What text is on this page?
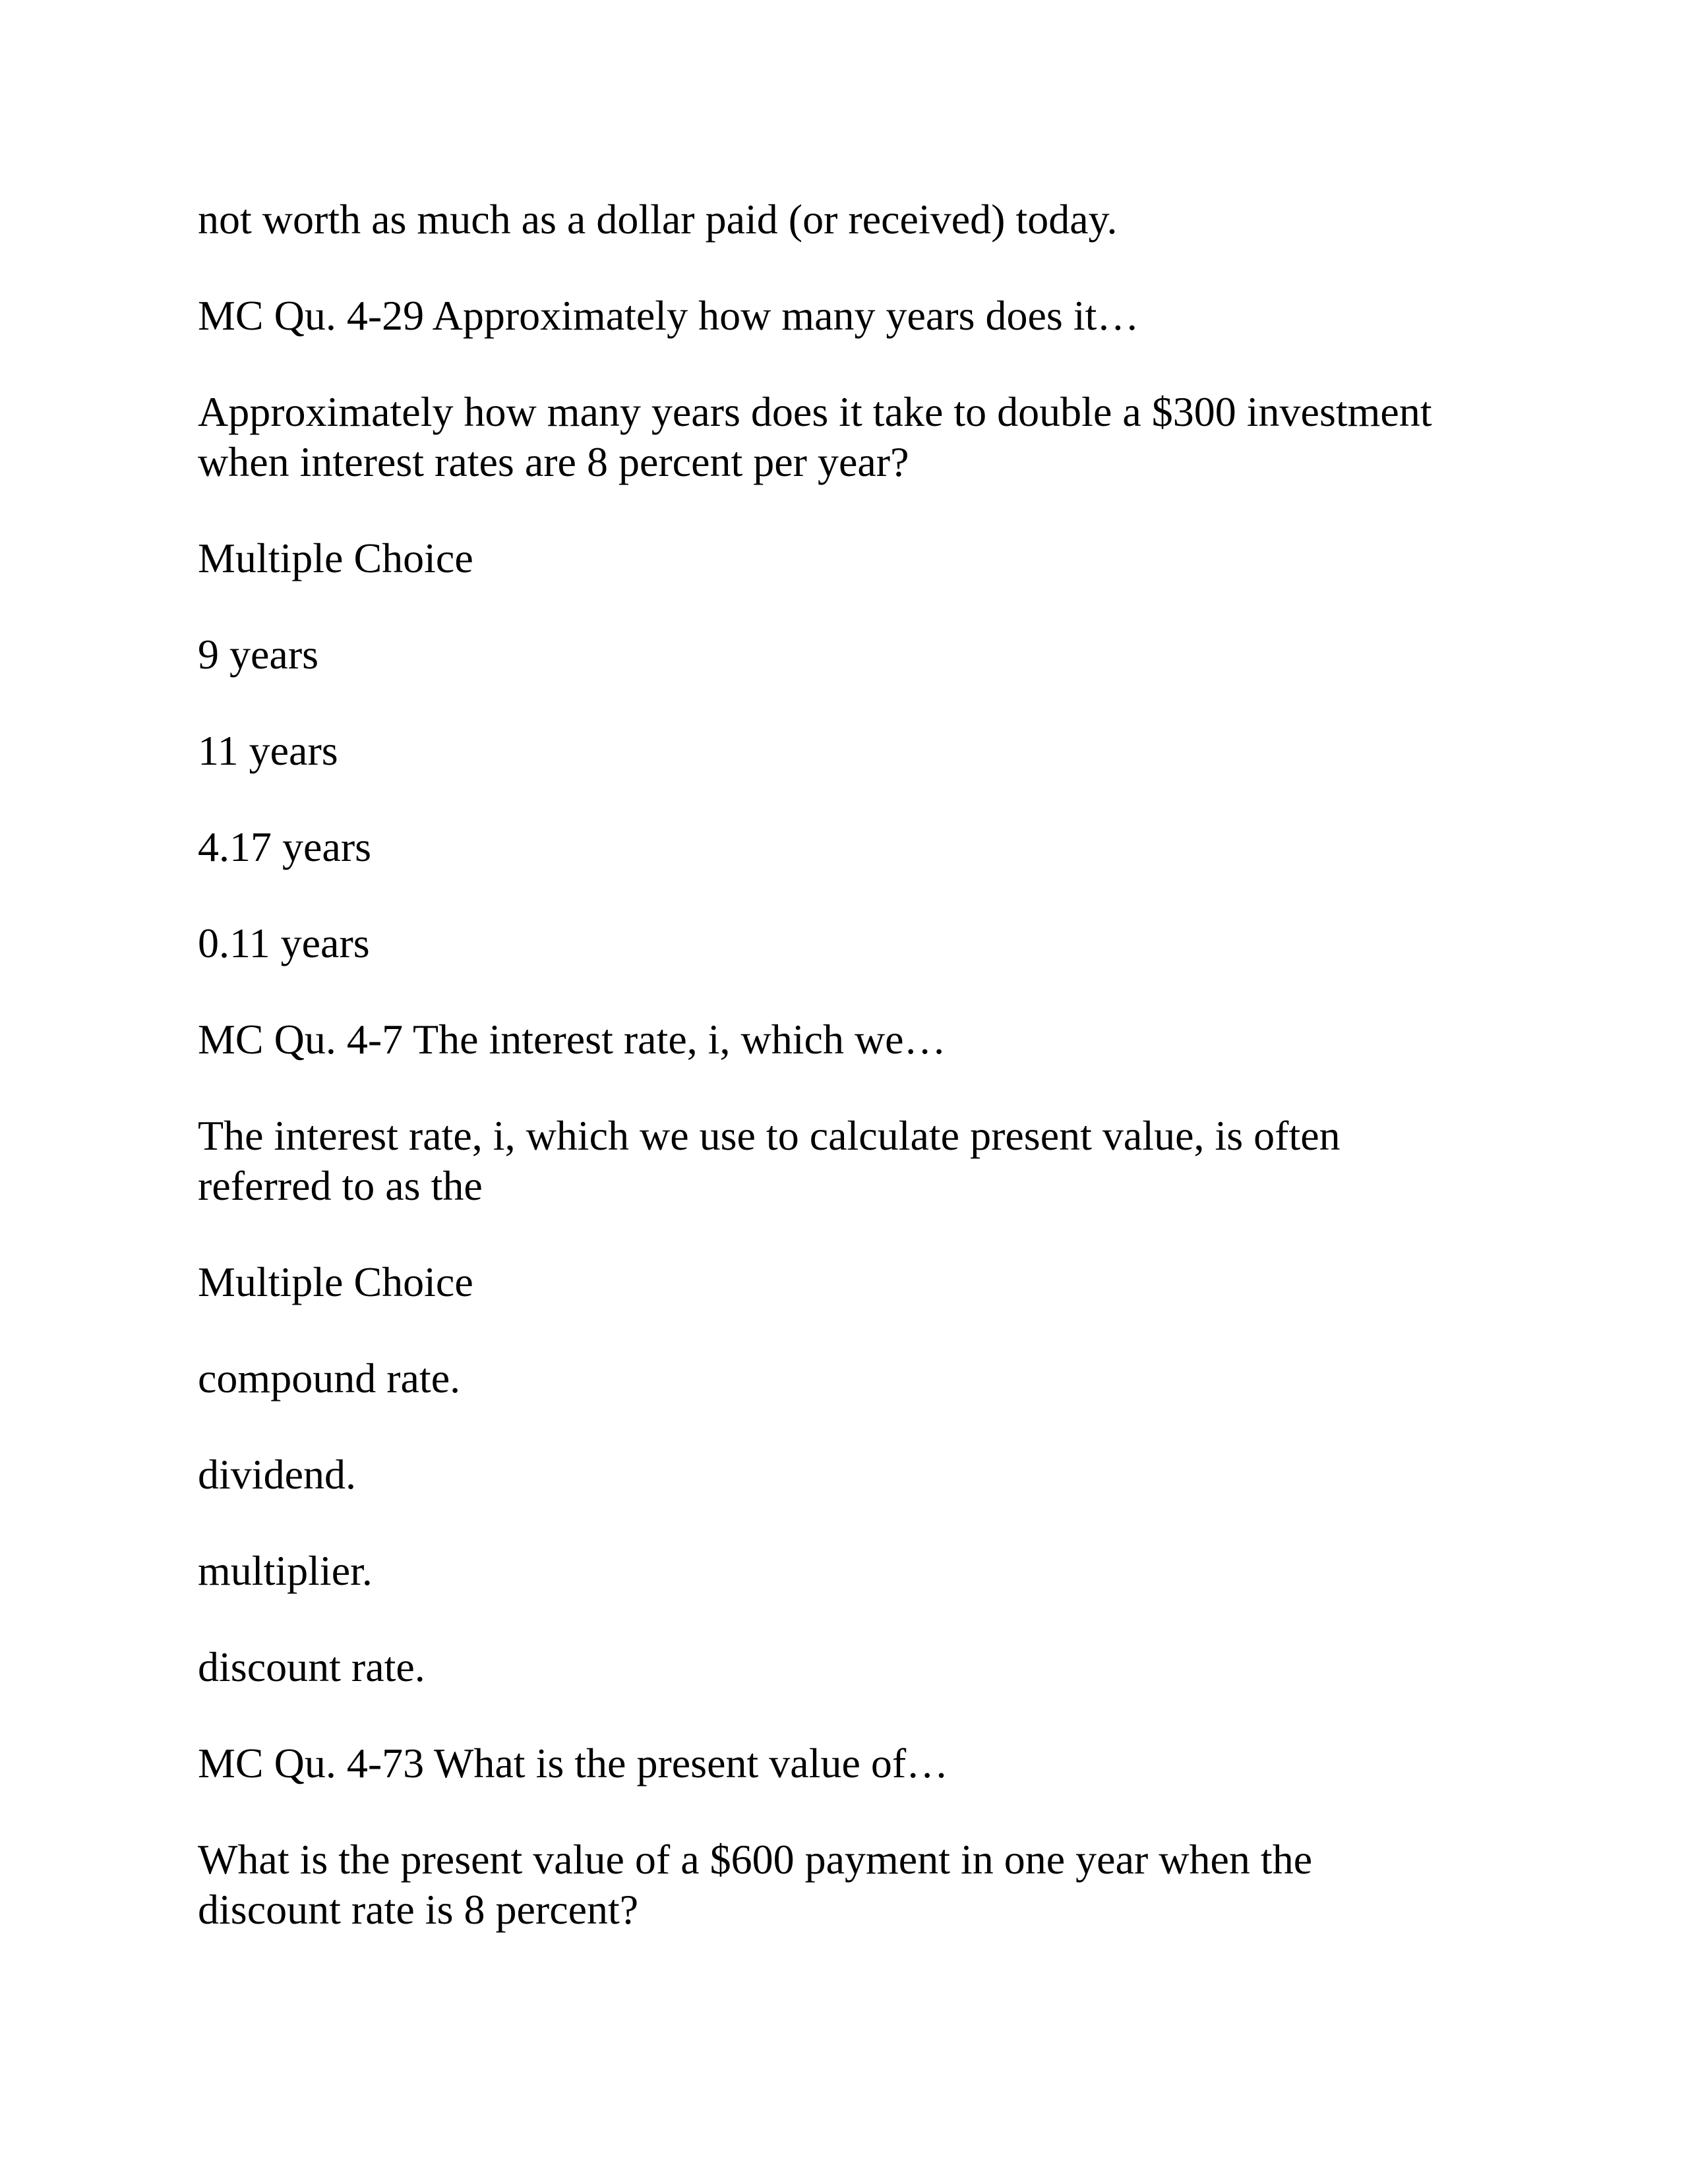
not worth as much as a dollar paid (or received) today.

MC Qu. 4-29 Approximately how many years does it…

Approximately how many years does it take to double a $300 investment

when interest rates are 8 percent per year?

Multiple Choice

9 years

11 years

4.17 years

0.11 years

MC Qu. 4-7 The interest rate, i, which we…

The interest rate, i, which we use to calculate present value, is often

referred to as the

Multiple Choice

compound rate.

dividend.

multiplier.

discount rate.

MC Qu. 4-73 What is the present value of…

What is the present value of a $600 payment in one year when the

discount rate is 8 percent?
